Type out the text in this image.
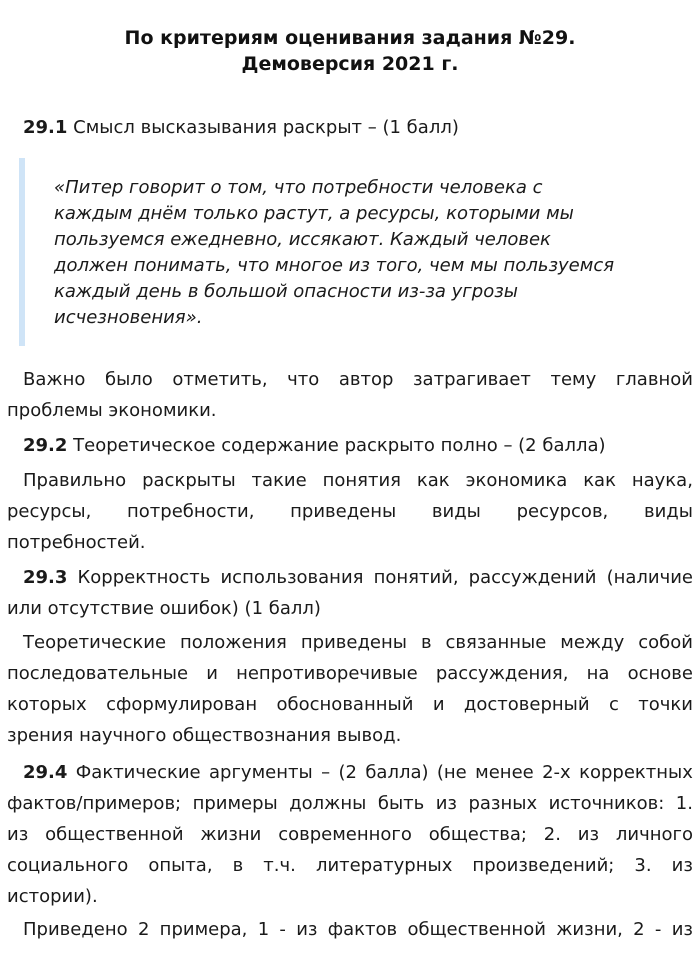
По критериям оценивания задания №29.
Демоверсия 2021 г.
29.1 Смысл высказывания раскрыт – (1 балл)
«Питер говорит о том, что потребности человека с
каждым днём только растут, а ресурсы, которыми мы
пользуемся ежедневно, иссякают. Каждый человек
должен понимать, что многое из того, чем мы пользуемся
каждый день в большой опасности из-за угрозы
исчезновения».
Важно было отметить, что автор затрагивает тему главной
проблемы экономики.
29.2 Теоретическое содержание раскрыто полно – (2 балла)
Правильно раскрыты такие понятия как экономика как наука,
ресурсы, потребности, приведены виды ресурсов, виды
потребностей.
29.3 Корректность использования понятий, рассуждений (наличие
или отсутствие ошибок) (1 балл)
Теоретические положения приведены в связанные между собой
последовательные и непротиворечивые рассуждения, на основе
которых сформулирован обоснованный и достоверный с точки
зрения научного обществознания вывод.
29.4 Фактические аргументы – (2 балла) (не менее 2-х корректных
фактов/примеров; примеры должны быть из разных источников: 1.
из общественной жизни современного общества; 2. из личного
социального опыта, в т.ч. литературных произведений; 3. из
истории).
Приведено 2 примера, 1 - из фактов общественной жизни, 2 - из
